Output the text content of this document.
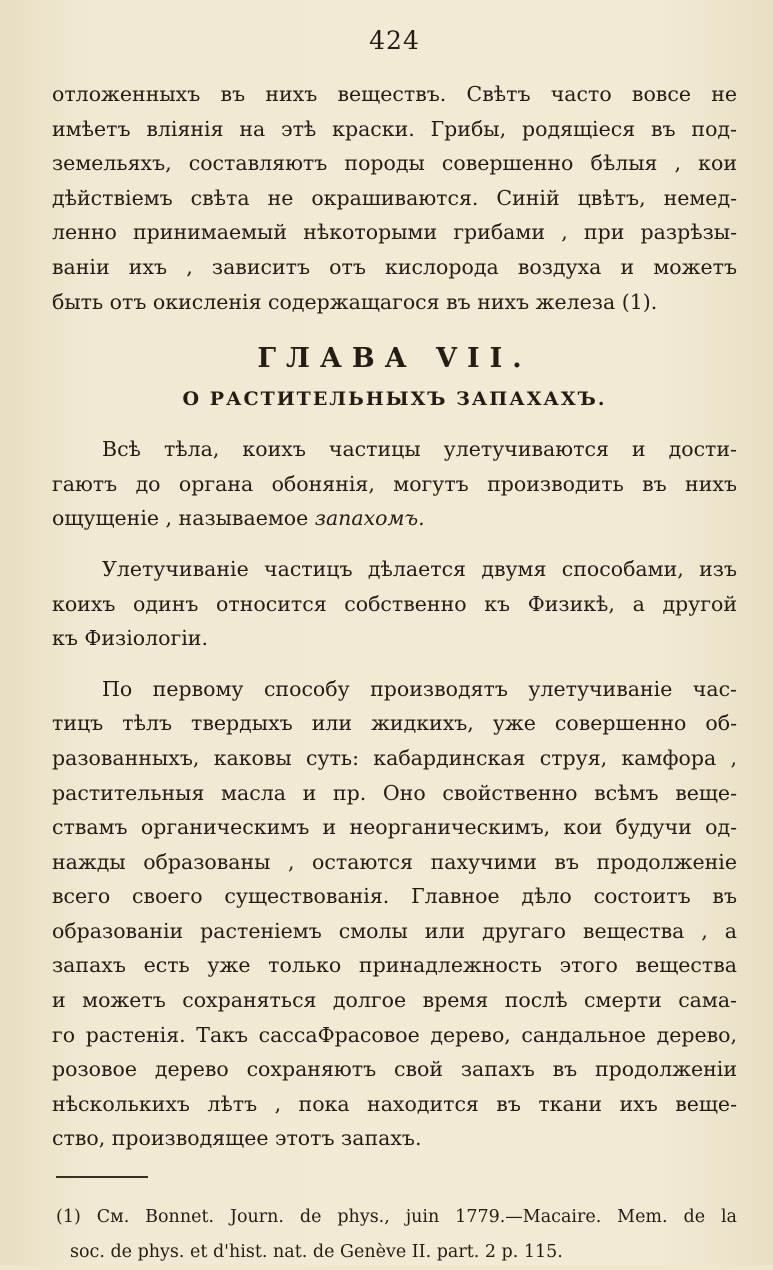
424
отложенныхъ въ нихъ веществъ. Свѣтъ часто вовсе не
имѣетъ вліянія на этѣ краски. Грибы, родящіеся въ под-
земельяхъ, составляютъ породы совершенно бѣлыя , кои
дѣйствіемъ свѣта не окрашиваются. Синій цвѣтъ, немед-
ленно принимаемый нѣкоторыми грибами , при разрѣзы-
ваніи ихъ , зависитъ отъ кислорода воздуха и можетъ
быть отъ окисленія содержащагося въ нихъ железа (1).
ГЛАВА VII.
О РАСТИТЕЛЬНЫХЪ ЗАПАХАХЪ.
Всѣ тѣла, коихъ частицы улетучиваются и дости-
гаютъ до органа обонянія, могутъ производить въ нихъ
ощущеніе , называемое запахомъ.
Улетучиваніе частицъ дѣлается двумя способами, изъ
коихъ одинъ относится собственно къ Физикѣ, а другой
къ Физіологіи.
По первому способу производятъ улетучиваніе час-
тицъ тѣлъ твердыхъ или жидкихъ, уже совершенно об-
разованныхъ, каковы суть: кабардинская струя, камфора ,
растительныя масла и пр. Оно свойственно всѣмъ веще-
ствамъ органическимъ и неорганическимъ, кои будучи од-
нажды образованы , остаются пахучими въ продолженіе
всего своего существованія. Главное дѣло состоитъ въ
образованіи растеніемъ смолы или другаго вещества , а
запахъ есть уже только принадлежность этого вещества
и можетъ сохраняться долгое время послѣ смерти сама-
го растенія. Такъ сассаФрасовое дерево, сандальное дерево,
розовое дерево сохраняютъ свой запахъ въ продолженіи
нѣсколькихъ лѣтъ , пока находится въ ткани ихъ веще-
ство, производящее этотъ запахъ.
(1) См. Bonnet. Journ. de phys., juin 1779.—Macaire. Mem. de la
soc. de phys. et d'hist. nat. de Genève II. part. 2 p. 115.
